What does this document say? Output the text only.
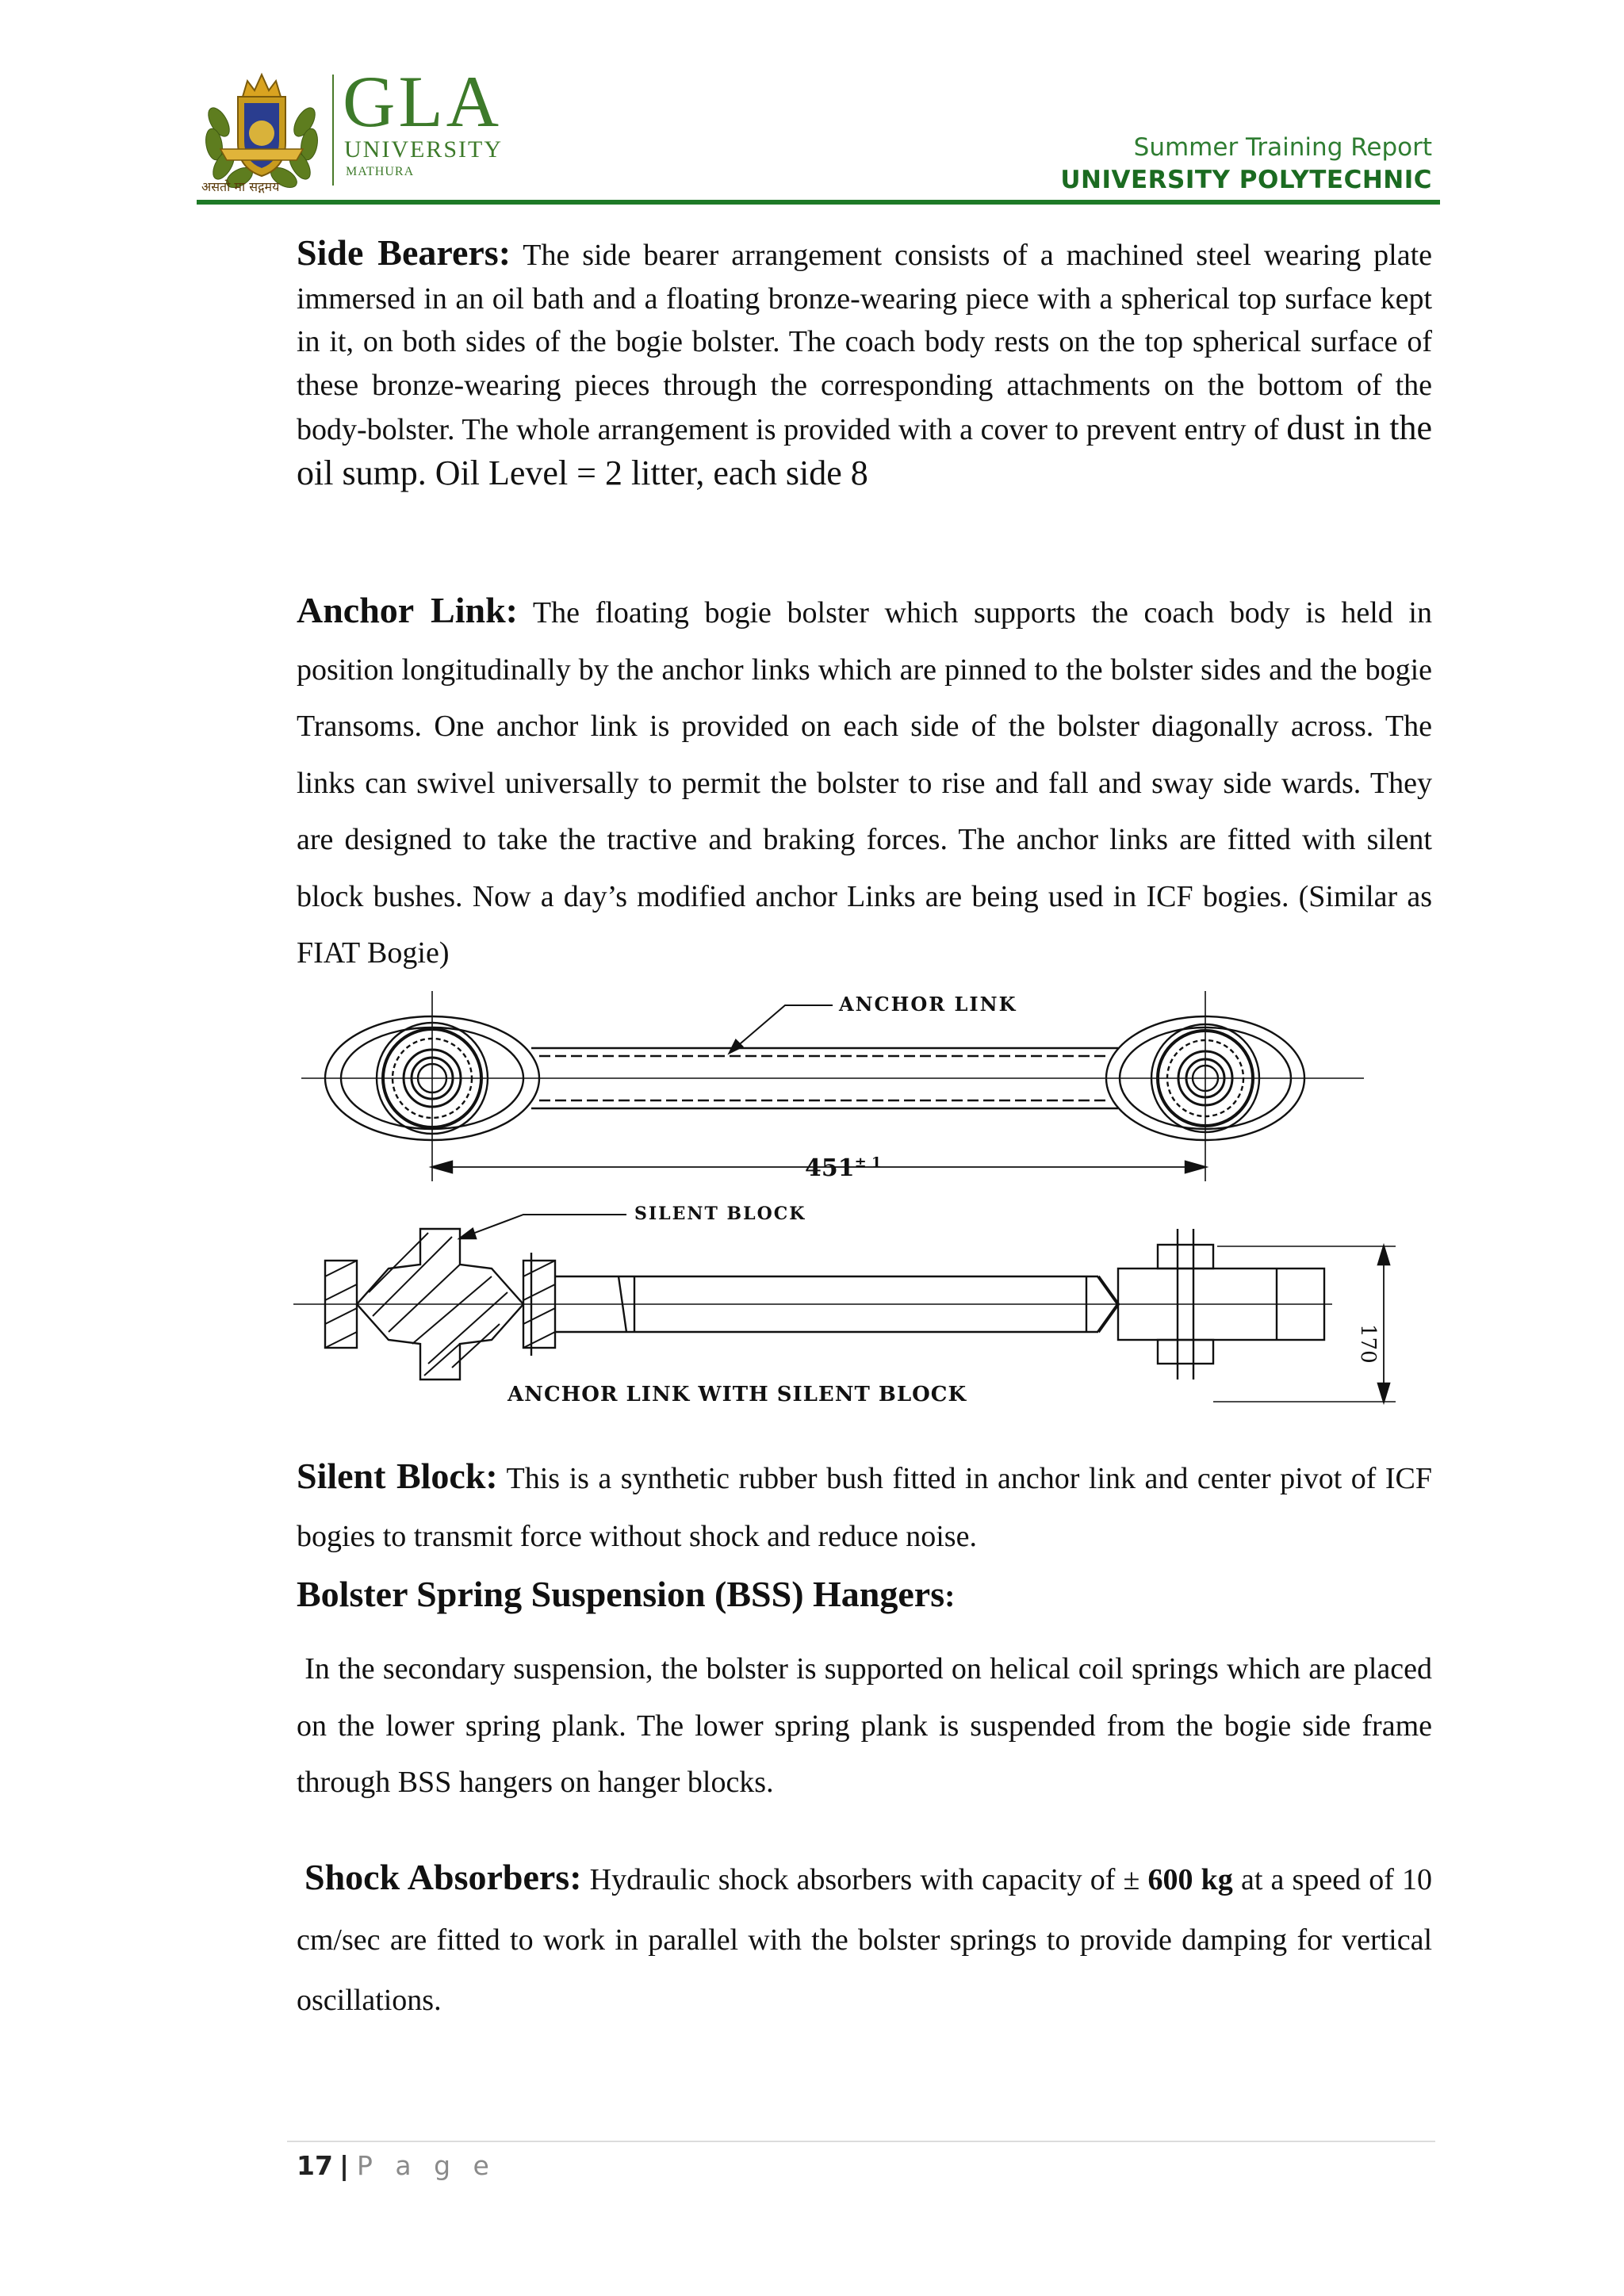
GLA
UNIVERSITY
MATHURA
असतो मा सद्गमय
Summer Training Report
UNIVERSITY POLYTECHNIC

Side Bearers: The side bearer arrangement consists of a machined steel wearing plate immersed in an oil bath and a floating bronze-wearing piece with a spherical top surface kept in it, on both sides of the bogie bolster. The coach body rests on the top spherical surface of these bronze-wearing pieces through the corresponding attachments on the bottom of the body-bolster. The whole arrangement is provided with a cover to prevent entry of dust in the oil sump. Oil Level = 2 litter, each side 8

Anchor Link: The floating bogie bolster which supports the coach body is held in position longitudinally by the anchor links which are pinned to the bolster sides and the bogie Transoms. One anchor link is provided on each side of the bolster diagonally across. The links can swivel universally to permit the bolster to rise and fall and sway side wards. They are designed to take the tractive and braking forces. The anchor links are fitted with silent block bushes. Now a day’s modified anchor Links are being used in ICF bogies. (Similar as FIAT Bogie)

ANCHOR LINK
$451^{\pm 1}$
SILENT BLOCK
ANCHOR LINK WITH SILENT BLOCK
170

Silent Block: This is a synthetic rubber bush fitted in anchor link and center pivot of ICF bogies to transmit force without shock and reduce noise.

Bolster Spring Suspension (BSS) Hangers:

In the secondary suspension, the bolster is supported on helical coil springs which are placed on the lower spring plank. The lower spring plank is suspended from the bogie side frame through BSS hangers on hanger blocks.

Shock Absorbers: Hydraulic shock absorbers with capacity of ± 600 kg at a speed of 10 cm/sec are fitted to work in parallel with the bolster springs to provide damping for vertical oscillations.

17 | P a g e
